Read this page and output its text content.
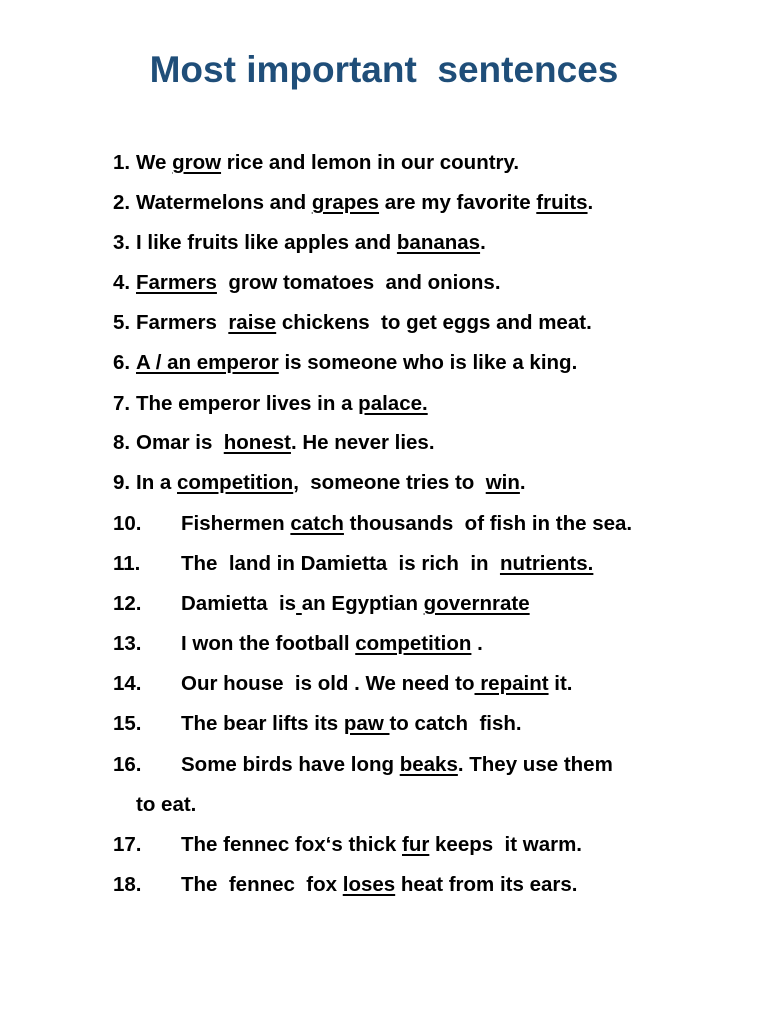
Most important  sentences

1.

We grow rice and lemon in our country.

2.

Watermelons and grapes are my favorite fruits.

3.

I like fruits like apples and bananas.

4.

Farmers  grow tomatoes  and onions.

5.

Farmers  raise chickens  to get eggs and meat.

6.

A / an emperor is someone who is like a king.

7.

The emperor lives in a palace.

8.

Omar is  honest. He never lies.

9.

In a competition,  someone tries to  win.

10.

Fishermen catch thousands  of fish in the sea.

11.

The  land in Damietta  is rich  in  nutrients.

12.

Damietta  is an Egyptian governrate

13.

I won the football competition .

14.

Our house  is old . We need to repaint it.

15.

The bear lifts its paw to catch  fish.

16.

Some birds have long beaks. They use them

to eat.

17.

The fennec fox‘s thick fur keeps  it warm.

18.

The  fennec  fox loses heat from its ears.
